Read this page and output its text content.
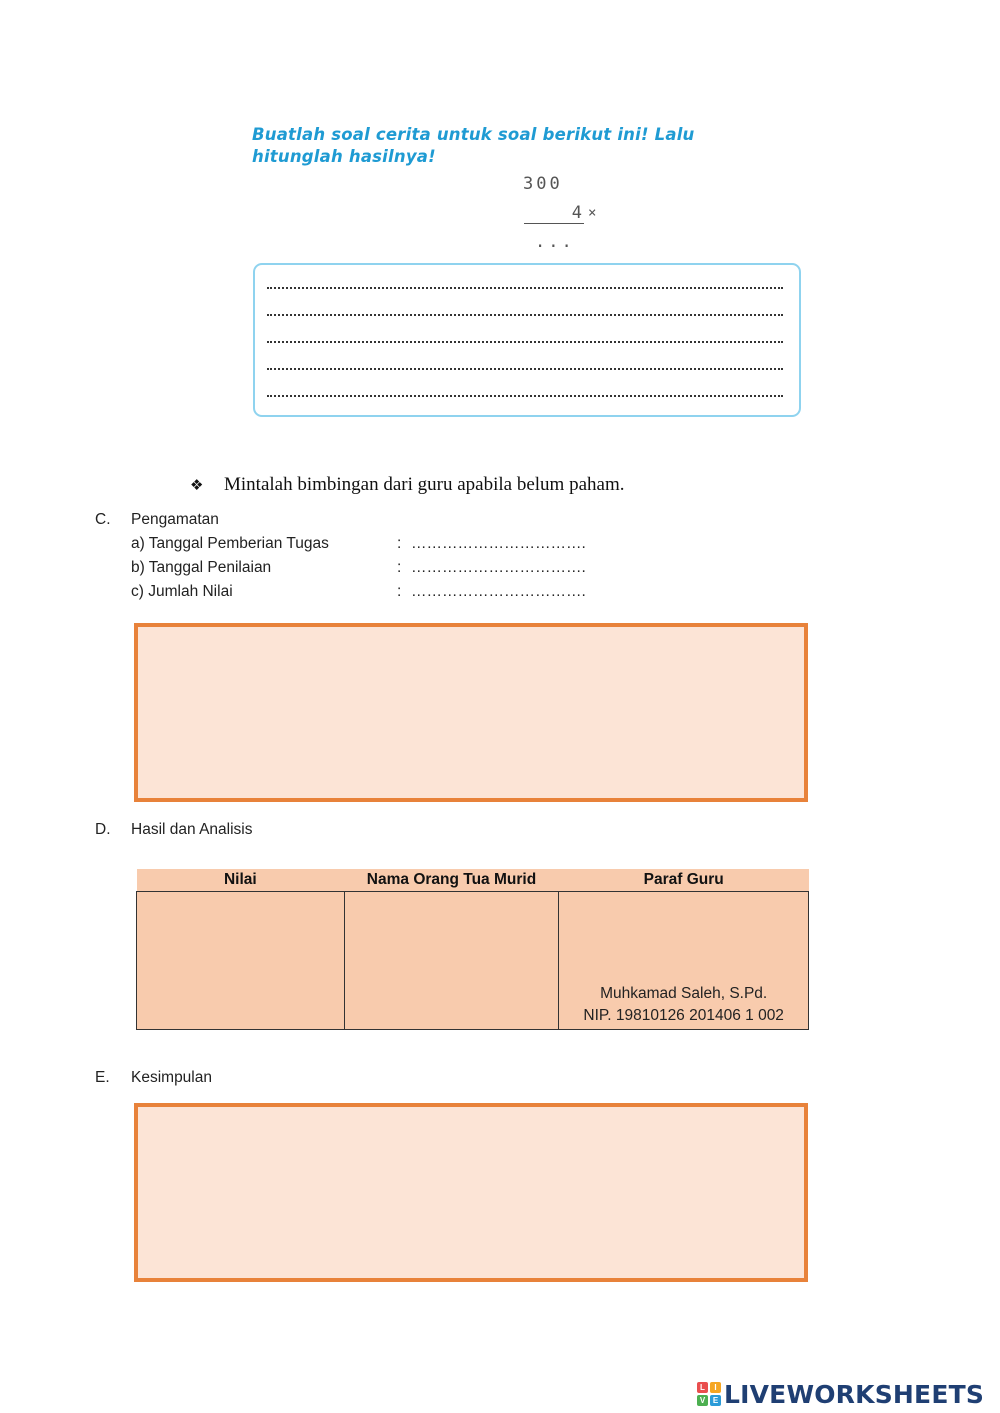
Buatlah soal cerita untuk soal berikut ini! Lalu
hitunglah hasilnya!
300
4 ×
...
❖ Mintalah bimbingan dari guru apabila belum paham.
C. Pengamatan
a) Tanggal Pemberian Tugas	: …………………………….
b) Tanggal Penilaian	: …………………………….
c) Jumlah Nilai	: …………………………….
D. Hasil dan Analisis
Nilai	Nama Orang Tua Murid	Paraf Guru

		Muhkamad Saleh, S.Pd.
NIP. 19810126 201406 1 002
E. Kesimpulan
L	I
V E LIVEWORKSHEETS
